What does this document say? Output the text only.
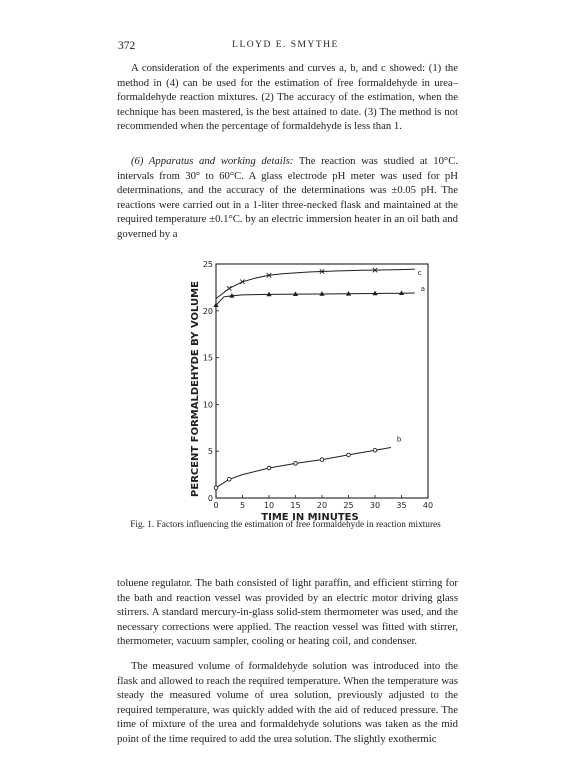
372	LLOYD E. SMYTHE

A consideration of the experiments and curves a, b, and c showed: (1) the method in (4) can be used for the estimation of free formaldehyde in urea–formaldehyde reaction mixtures. (2) The accuracy of the estimation, when the technique has been mastered, is the best attained to date. (3) The method is not recommended when the percentage of formaldehyde is less than 1.

(6) Apparatus and working details: The reaction was studied at 10°C. intervals from 30° to 60°C. A glass electrode pH meter was used for pH determinations, and the accuracy of the determinations was ±0.05 pH. The reactions were carried out in a 1-liter three-necked flask and maintained at the required temperature ±0.1°C. by an electric immersion heater in an oil bath and governed by a

0	5 10 15 20 25 30 35 40
0
5
10
15
20
25
TIME IN MINUTES
PERCENT FORMALDEHYDE BY VOLUME
c
a
b
Fig. 1. Factors influencing the estimation of free formaldehyde in reaction mixtures

toluene regulator. The bath consisted of light paraffin, and efficient stirring for the bath and reaction vessel was provided by an electric motor driving glass stirrers. A standard mercury-in-glass solid-stem thermometer was used, and the necessary corrections were applied. The reaction vessel was fitted with stirrer, thermometer, vacuum sampler, cooling or heating coil, and condenser.

The measured volume of formaldehyde solution was introduced into the flask and allowed to reach the required temperature. When the temperature was steady the measured volume of urea solution, previously adjusted to the required temperature, was quickly added with the aid of reduced pressure. The time of mixture of the urea and formaldehyde solutions was taken as the mid point of the time required to add the urea solution. The slightly exothermic
